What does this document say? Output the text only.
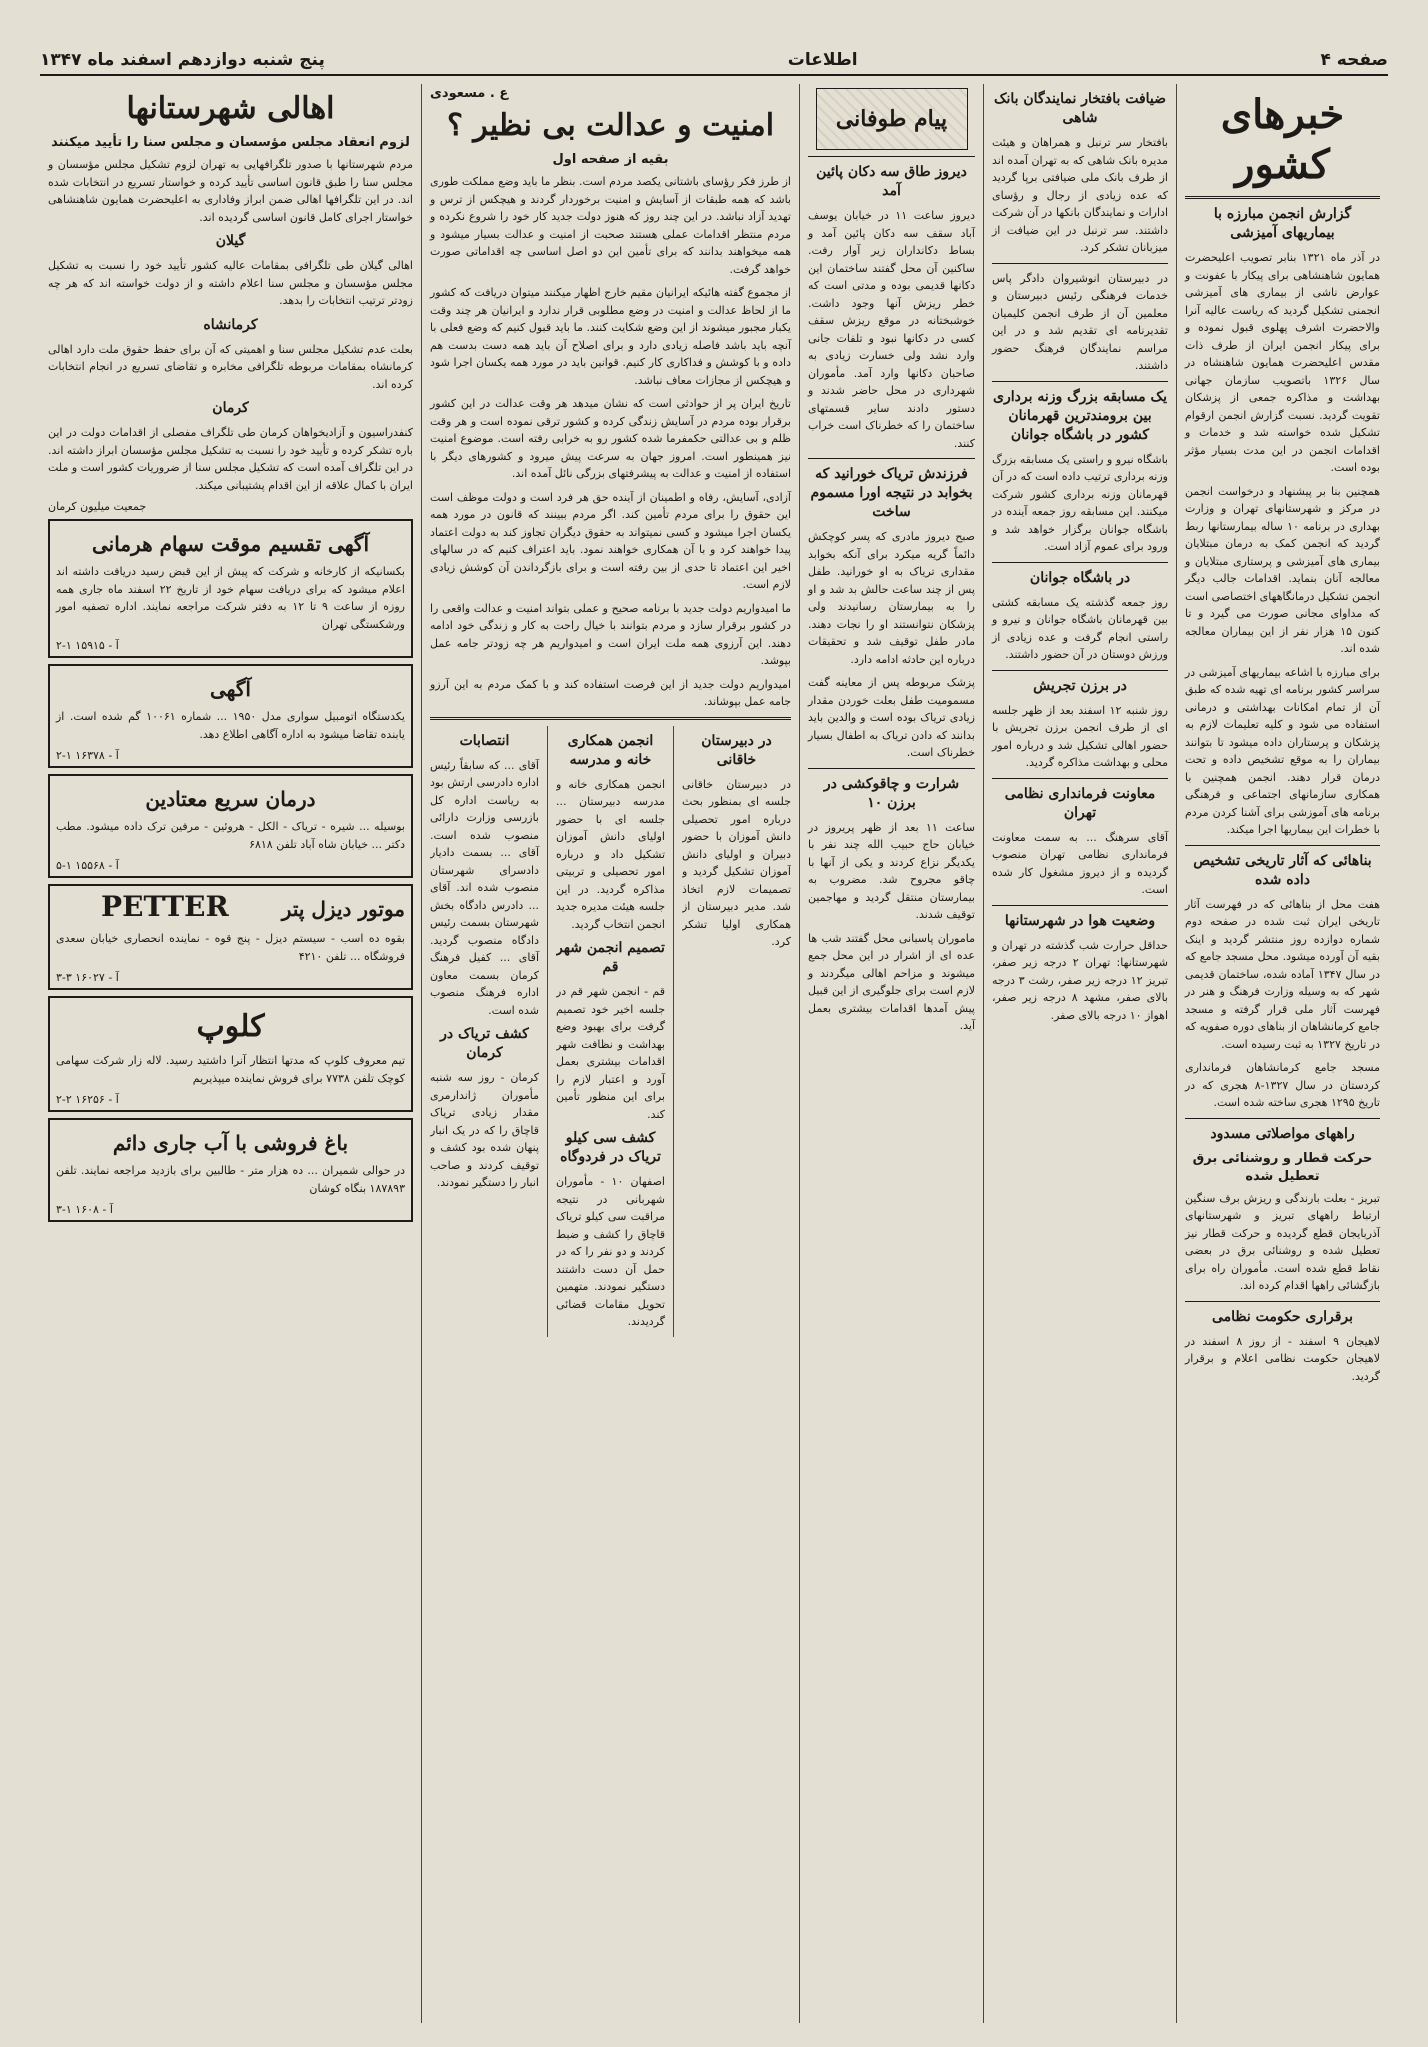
صفحه ۴
اطلاعات
پنج شنبه دوازدهم اسفند ماه ۱۳۴۷
خبرهای کشور
گزارش انجمن مبارزه با بیماریهای آمیزشی

در آذر ماه ۱۳۲۱ بنابر تصویب اعلیحضرت همایون شاهنشاهی برای پیکار با عفونت و عوارض ناشی از بیماری های آمیزشی انجمنی تشکیل گردید که ریاست عالیه آنرا والاحضرت اشرف پهلوی قبول نموده و برای پیکار انجمن ایران از طرف ذات مقدس اعلیحضرت همایون شاهنشاه در سال ۱۳۲۶ باتصویب سازمان جهانی بهداشت و مذاکره جمعی از پزشکان تقویت گردید. نسبت گزارش انجمن ارقوام تشکیل شده خواسته شد و خدمات و اقدامات انجمن در این مدت بسیار مؤثر بوده است.

همچنین بنا بر پیشنهاد و درخواست انجمن در مرکز و شهرستانهای تهران و وزارت بهداری در برنامه ۱۰ ساله بیمارستانها ربط گردید که انجمن کمک به درمان مبتلایان بیماری های آمیزشی و پرستاری مبتلایان و معالجه آنان بنماید. اقدامات جالب دیگر انجمن تشکیل درمانگاههای اختصاصی است که مداوای مجانی صورت می گیرد و تا کنون ۱۵ هزار نفر از این بیماران معالجه شده اند.

برای مبارزه با اشاعه بیماریهای آمیزشی در سراسر کشور برنامه ای تهیه شده که طبق آن از تمام امکانات بهداشتی و درمانی استفاده می شود و کلیه تعلیمات لازم به پزشکان و پرستاران داده میشود تا بتوانند بیماران را به موقع تشخیص داده و تحت درمان قرار دهند. انجمن همچنین با همکاری سازمانهای اجتماعی و فرهنگی برنامه های آموزشی برای آشنا کردن مردم با خطرات این بیماریها اجرا میکند.

بناهائی که آثار تاریخی تشخیص داده شده

هفت محل از بناهائی که در فهرست آثار تاریخی ایران ثبت شده در صفحه دوم شماره دوازده روز منتشر گردید و اینک بقیه آن آورده میشود. محل مسجد جامع که در سال ۱۳۴۷ آماده شده، ساختمان قدیمی شهر که به وسیله وزارت فرهنگ و هنر در فهرست آثار ملی قرار گرفته و مسجد جامع کرمانشاهان از بناهای دوره صفویه که در تاریخ ۱۳۲۷ به ثبت رسیده است.

مسجد جامع کرمانشاهان فرمانداری کردستان در سال ۱۳۲۷-۸ هجری که در تاریخ ۱۲۹۵ هجری ساخته شده است.

راههای مواصلاتی مسدود
حرکت قطار و روشنائی برق تعطیل شده

تبریز - بعلت بارندگی و ریزش برف سنگین ارتباط راههای تبریز و شهرستانهای آذربایجان قطع گردیده و حرکت قطار نیز تعطیل شده و روشنائی برق در بعضی نقاط قطع شده است. مأموران راه برای بازگشائی راهها اقدام کرده اند.

برقراری حکومت نظامی

لاهیجان ۹ اسفند - از روز ۸ اسفند در لاهیجان حکومت نظامی اعلام و برقرار گردید.

ضیافت بافتخار نمایندگان بانک شاهی

بافتخار سر ترنبل و همراهان و هیئت مدیره بانک شاهی که به تهران آمده اند از طرف بانک ملی ضیافتی برپا گردید که عده زیادی از رجال و رؤسای ادارات و نمایندگان بانکها در آن شرکت داشتند. سر ترنبل در این ضیافت از میزبانان تشکر کرد.

در دبیرستان انوشیروان دادگر پاس خدمات فرهنگی رئیس دبیرستان و معلمین آن از طرف انجمن کلیمیان تقدیرنامه ای تقدیم شد و در این مراسم نمایندگان فرهنگ حضور داشتند.

یک مسابقه بزرگ وزنه برداری بین برومندترین قهرمانان کشور در باشگاه جوانان

باشگاه نیرو و راستی یک مسابقه بزرگ وزنه برداری ترتیب داده است که در آن قهرمانان وزنه برداری کشور شرکت میکنند. این مسابقه روز جمعه آینده در باشگاه جوانان برگزار خواهد شد و ورود برای عموم آزاد است.

در باشگاه جوانان

روز جمعه گذشته یک مسابقه کشتی بین قهرمانان باشگاه جوانان و نیرو و راستی انجام گرفت و عده زیادی از ورزش دوستان در آن حضور داشتند.

در برزن تجریش

روز شنبه ۱۲ اسفند بعد از ظهر جلسه ای از طرف انجمن برزن تجریش با حضور اهالی تشکیل شد و درباره امور محلی و بهداشت مذاکره گردید.

معاونت فرمانداری نظامی تهران

آقای سرهنگ ... به سمت معاونت فرمانداری نظامی تهران منصوب گردیده و از دیروز مشغول کار شده است.

وضعیت هوا در شهرستانها

حداقل حرارت شب گذشته در تهران و شهرستانها: تهران ۲ درجه زیر صفر، تبریز ۱۲ درجه زیر صفر، رشت ۳ درجه بالای صفر، مشهد ۸ درجه زیر صفر، اهواز ۱۰ درجه بالای صفر.

پیام طوفانی
دیروز طاق سه دکان پائین آمد

دیروز ساعت ۱۱ در خیابان یوسف آباد سقف سه دکان پائین آمد و بساط دکانداران زیر آوار رفت. ساکنین آن محل گفتند ساختمان این دکانها قدیمی بوده و مدتی است که خطر ریزش آنها وجود داشت. خوشبختانه در موقع ریزش سقف کسی در دکانها نبود و تلفات جانی وارد نشد ولی خسارت زیادی به صاحبان دکانها وارد آمد. مأموران شهرداری در محل حاضر شدند و دستور دادند سایر قسمتهای ساختمان را که خطرناک است خراب کنند.

فرزندش تریاک خورانید که بخوابد در نتیجه اورا مسموم ساخت

صبح دیروز مادری که پسر کوچکش دائماً گریه میکرد برای آنکه بخوابد مقداری تریاک به او خورانید. طفل پس از چند ساعت حالش بد شد و او را به بیمارستان رسانیدند ولی پزشکان نتوانستند او را نجات دهند. مادر طفل توقیف شد و تحقیقات درباره این حادثه ادامه دارد.

پزشک مربوطه پس از معاینه گفت مسمومیت طفل بعلت خوردن مقدار زیادی تریاک بوده است و والدین باید بدانند که دادن تریاک به اطفال بسیار خطرناک است.

شرارت و چاقوکشی در برزن ۱۰

ساعت ۱۱ بعد از ظهر پریروز در خیابان حاج حبیب الله چند نفر با یکدیگر نزاع کردند و یکی از آنها با چاقو مجروح شد. مضروب به بیمارستان منتقل گردید و مهاجمین توقیف شدند.

ماموران پاسبانی محل گفتند شب ها عده ای از اشرار در این محل جمع میشوند و مزاحم اهالی میگردند و لازم است برای جلوگیری از این قبیل پیش آمدها اقدامات بیشتری بعمل آید.

ع . مسعودی
امنیت و عدالت بی نظیر ؟
بقیه از صفحه اول

از طرز فکر رؤسای باشتانی یکصد مردم است. بنظر ما باید وضع مملکت طوری باشد که همه طبقات از آسایش و امنیت برخوردار گردند و هیچکس از ترس و تهدید آزاد نباشد. در این چند روز که هنوز دولت جدید کار خود را شروع نکرده و مردم منتظر اقدامات عملی هستند صحبت از امنیت و عدالت بسیار میشود و همه میخواهند بدانند که برای تأمین این دو اصل اساسی چه اقداماتی صورت خواهد گرفت.

از مجموع گفته هائیکه ایرانیان مقیم خارج اظهار میکنند میتوان دریافت که کشور ما از لحاظ عدالت و امنیت در وضع مطلوبی قرار ندارد و ایرانیان هر چند وقت یکبار مجبور میشوند از این وضع شکایت کنند. ما باید قبول کنیم که وضع فعلی با آنچه باید باشد فاصله زیادی دارد و برای اصلاح آن باید همه دست بدست هم داده و با کوشش و فداکاری کار کنیم. قوانین باید در مورد همه یکسان اجرا شود و هیچکس از مجازات معاف نباشد.

تاریخ ایران پر از حوادثی است که نشان میدهد هر وقت عدالت در این کشور برقرار بوده مردم در آسایش زندگی کرده و کشور ترقی نموده است و هر وقت ظلم و بی عدالتی حکمفرما شده کشور رو به خرابی رفته است. موضوع امنیت نیز همینطور است. امروز جهان به سرعت پیش میرود و کشورهای دیگر با استفاده از امنیت و عدالت به پیشرفتهای بزرگی نائل آمده اند.

آزادی، آسایش، رفاه و اطمینان از آینده حق هر فرد است و دولت موظف است این حقوق را برای مردم تأمین کند. اگر مردم ببینند که قانون در مورد همه یکسان اجرا میشود و کسی نمیتواند به حقوق دیگران تجاوز کند به دولت اعتماد پیدا خواهند کرد و با آن همکاری خواهند نمود. باید اعتراف کنیم که در سالهای اخیر این اعتماد تا حدی از بین رفته است و برای بازگرداندن آن کوشش زیادی لازم است.

ما امیدواریم دولت جدید با برنامه صحیح و عملی بتواند امنیت و عدالت واقعی را در کشور برقرار سازد و مردم بتوانند با خیال راحت به کار و زندگی خود ادامه دهند. این آرزوی همه ملت ایران است و امیدواریم هر چه زودتر جامه عمل بپوشد.

امیدواریم دولت جدید از این فرصت استفاده کند و با کمک مردم به این آرزو جامه عمل بپوشاند.

در دبیرستان خاقانی

در دبیرستان خاقانی جلسه ای بمنظور بحث درباره امور تحصیلی دانش آموزان با حضور دبیران و اولیای دانش آموزان تشکیل گردید و تصمیمات لازم اتخاذ شد. مدیر دبیرستان از همکاری اولیا تشکر کرد.

انجمن همکاری خانه و مدرسه

انجمن همکاری خانه و مدرسه دبیرستان ... جلسه ای با حضور اولیای دانش آموزان تشکیل داد و درباره امور تحصیلی و تربیتی مذاکره گردید. در این جلسه هیئت مدیره جدید انجمن انتخاب گردید.

تصمیم انجمن شهر قم

قم - انجمن شهر قم در جلسه اخیر خود تصمیم گرفت برای بهبود وضع بهداشت و نظافت شهر اقدامات بیشتری بعمل آورد و اعتبار لازم را برای این منظور تأمین کند.

کشف سی کیلو تریاک در فردوگاه

اصفهان ۱۰ - مأموران شهربانی در نتیجه مراقبت سی کیلو تریاک قاچاق را کشف و ضبط کردند و دو نفر را که در حمل آن دست داشتند دستگیر نمودند. متهمین تحویل مقامات قضائی گردیدند.

انتصابات

آقای ... که سابقاً رئیس اداره دادرسی ارتش بود به ریاست اداره کل بازرسی وزارت دارائی منصوب شده است. آقای ... بسمت دادیار دادسرای شهرستان منصوب شده اند. آقای ... دادرس دادگاه بخش شهرستان بسمت رئیس دادگاه منصوب گردید. آقای ... کفیل فرهنگ کرمان بسمت معاون اداره فرهنگ منصوب شده است.

کشف تریاک در کرمان

کرمان - روز سه شنبه مأموران ژاندارمری مقدار زیادی تریاک قاچاق را که در یک انبار پنهان شده بود کشف و توقیف کردند و صاحب انبار را دستگیر نمودند.

اهالی شهرستانها
لزوم انعقاد مجلس مؤسسان و مجلس سنا را تأیید میکنند

مردم شهرستانها با صدور تلگرافهایی به تهران لزوم تشکیل مجلس مؤسسان و مجلس سنا را طبق قانون اساسی تأیید کرده و خواستار تسریع در انتخابات شده اند. در این تلگرافها اهالی ضمن ابراز وفاداری به اعلیحضرت همایون شاهنشاهی خواستار اجرای کامل قانون اساسی گردیده اند.

گیلان

اهالی گیلان طی تلگرافی بمقامات عالیه کشور تأیید خود را نسبت به تشکیل مجلس مؤسسان و مجلس سنا اعلام داشته و از دولت خواسته اند که هر چه زودتر ترتیب انتخابات را بدهد.

کرمانشاه

بعلت عدم تشکیل مجلس سنا و اهمیتی که آن برای حفظ حقوق ملت دارد اهالی کرمانشاه بمقامات مربوطه تلگرافی مخابره و تقاضای تسریع در انجام انتخابات کرده اند.

کرمان

کنفدراسیون و آزادیخواهان کرمان طی تلگراف مفصلی از اقدامات دولت در این باره تشکر کرده و تأیید خود را نسبت به تشکیل مجلس مؤسسان ابراز داشته اند. در این تلگراف آمده است که تشکیل مجلس سنا از ضروریات کشور است و ملت ایران با کمال علاقه از این اقدام پشتیبانی میکند.

جمعیت میلیون کرمان
آگهی تقسیم موقت سهام هرمانی

بکسانیکه از کارخانه و شرکت که پیش از این قبض رسید دریافت داشته اند اعلام میشود که برای دریافت سهام خود از تاریخ ۲۲ اسفند ماه جاری همه روزه از ساعت ۹ تا ۱۲ به دفتر شرکت مراجعه نمایند. اداره تصفیه امور ورشکستگی تهران

۲-۱ ۱۵۹۱۵ - آ
آگهی

یکدستگاه اتومبیل سواری مدل ۱۹۵۰ ... شماره ۱۰۰۶۱ گم شده است. از یابنده تقاضا میشود به اداره آگاهی اطلاع دهد.

۲-۱ ۱۶۳۷۸ - آ
درمان سریع معتادین

بوسیله ... شیره - تریاک - الکل - هروئین - مرفین ترک داده میشود. مطب دکتر ... خیابان شاه آباد تلفن ۶۸۱۸

۵-۱ ۱۵۵۶۸ - آ
موتور دیزل پتر
PETTER

بقوه ده اسب - سیستم دیزل - پنج قوه - نماینده انحصاری خیابان سعدی فروشگاه ... تلفن ۴۲۱۰

۳-۳ ۱۶۰۲۷ - آ
کلوپ

تیم معروف کلوپ که مدتها انتظار آنرا داشتید رسید. لاله زار شرکت سهامی کوچک تلفن ۷۷۳۸ برای فروش نماینده میپذیریم

۲-۲ ۱۶۲۵۶ - آ
باغ فروشی با آب جاری دائم

در حوالی شمیران ... ده هزار متر - طالبین برای بازدید مراجعه نمایند. تلفن ۱۸۷۸۹۳ بنگاه کوشان

۳-۱ ۱۶۰۸ - آ
